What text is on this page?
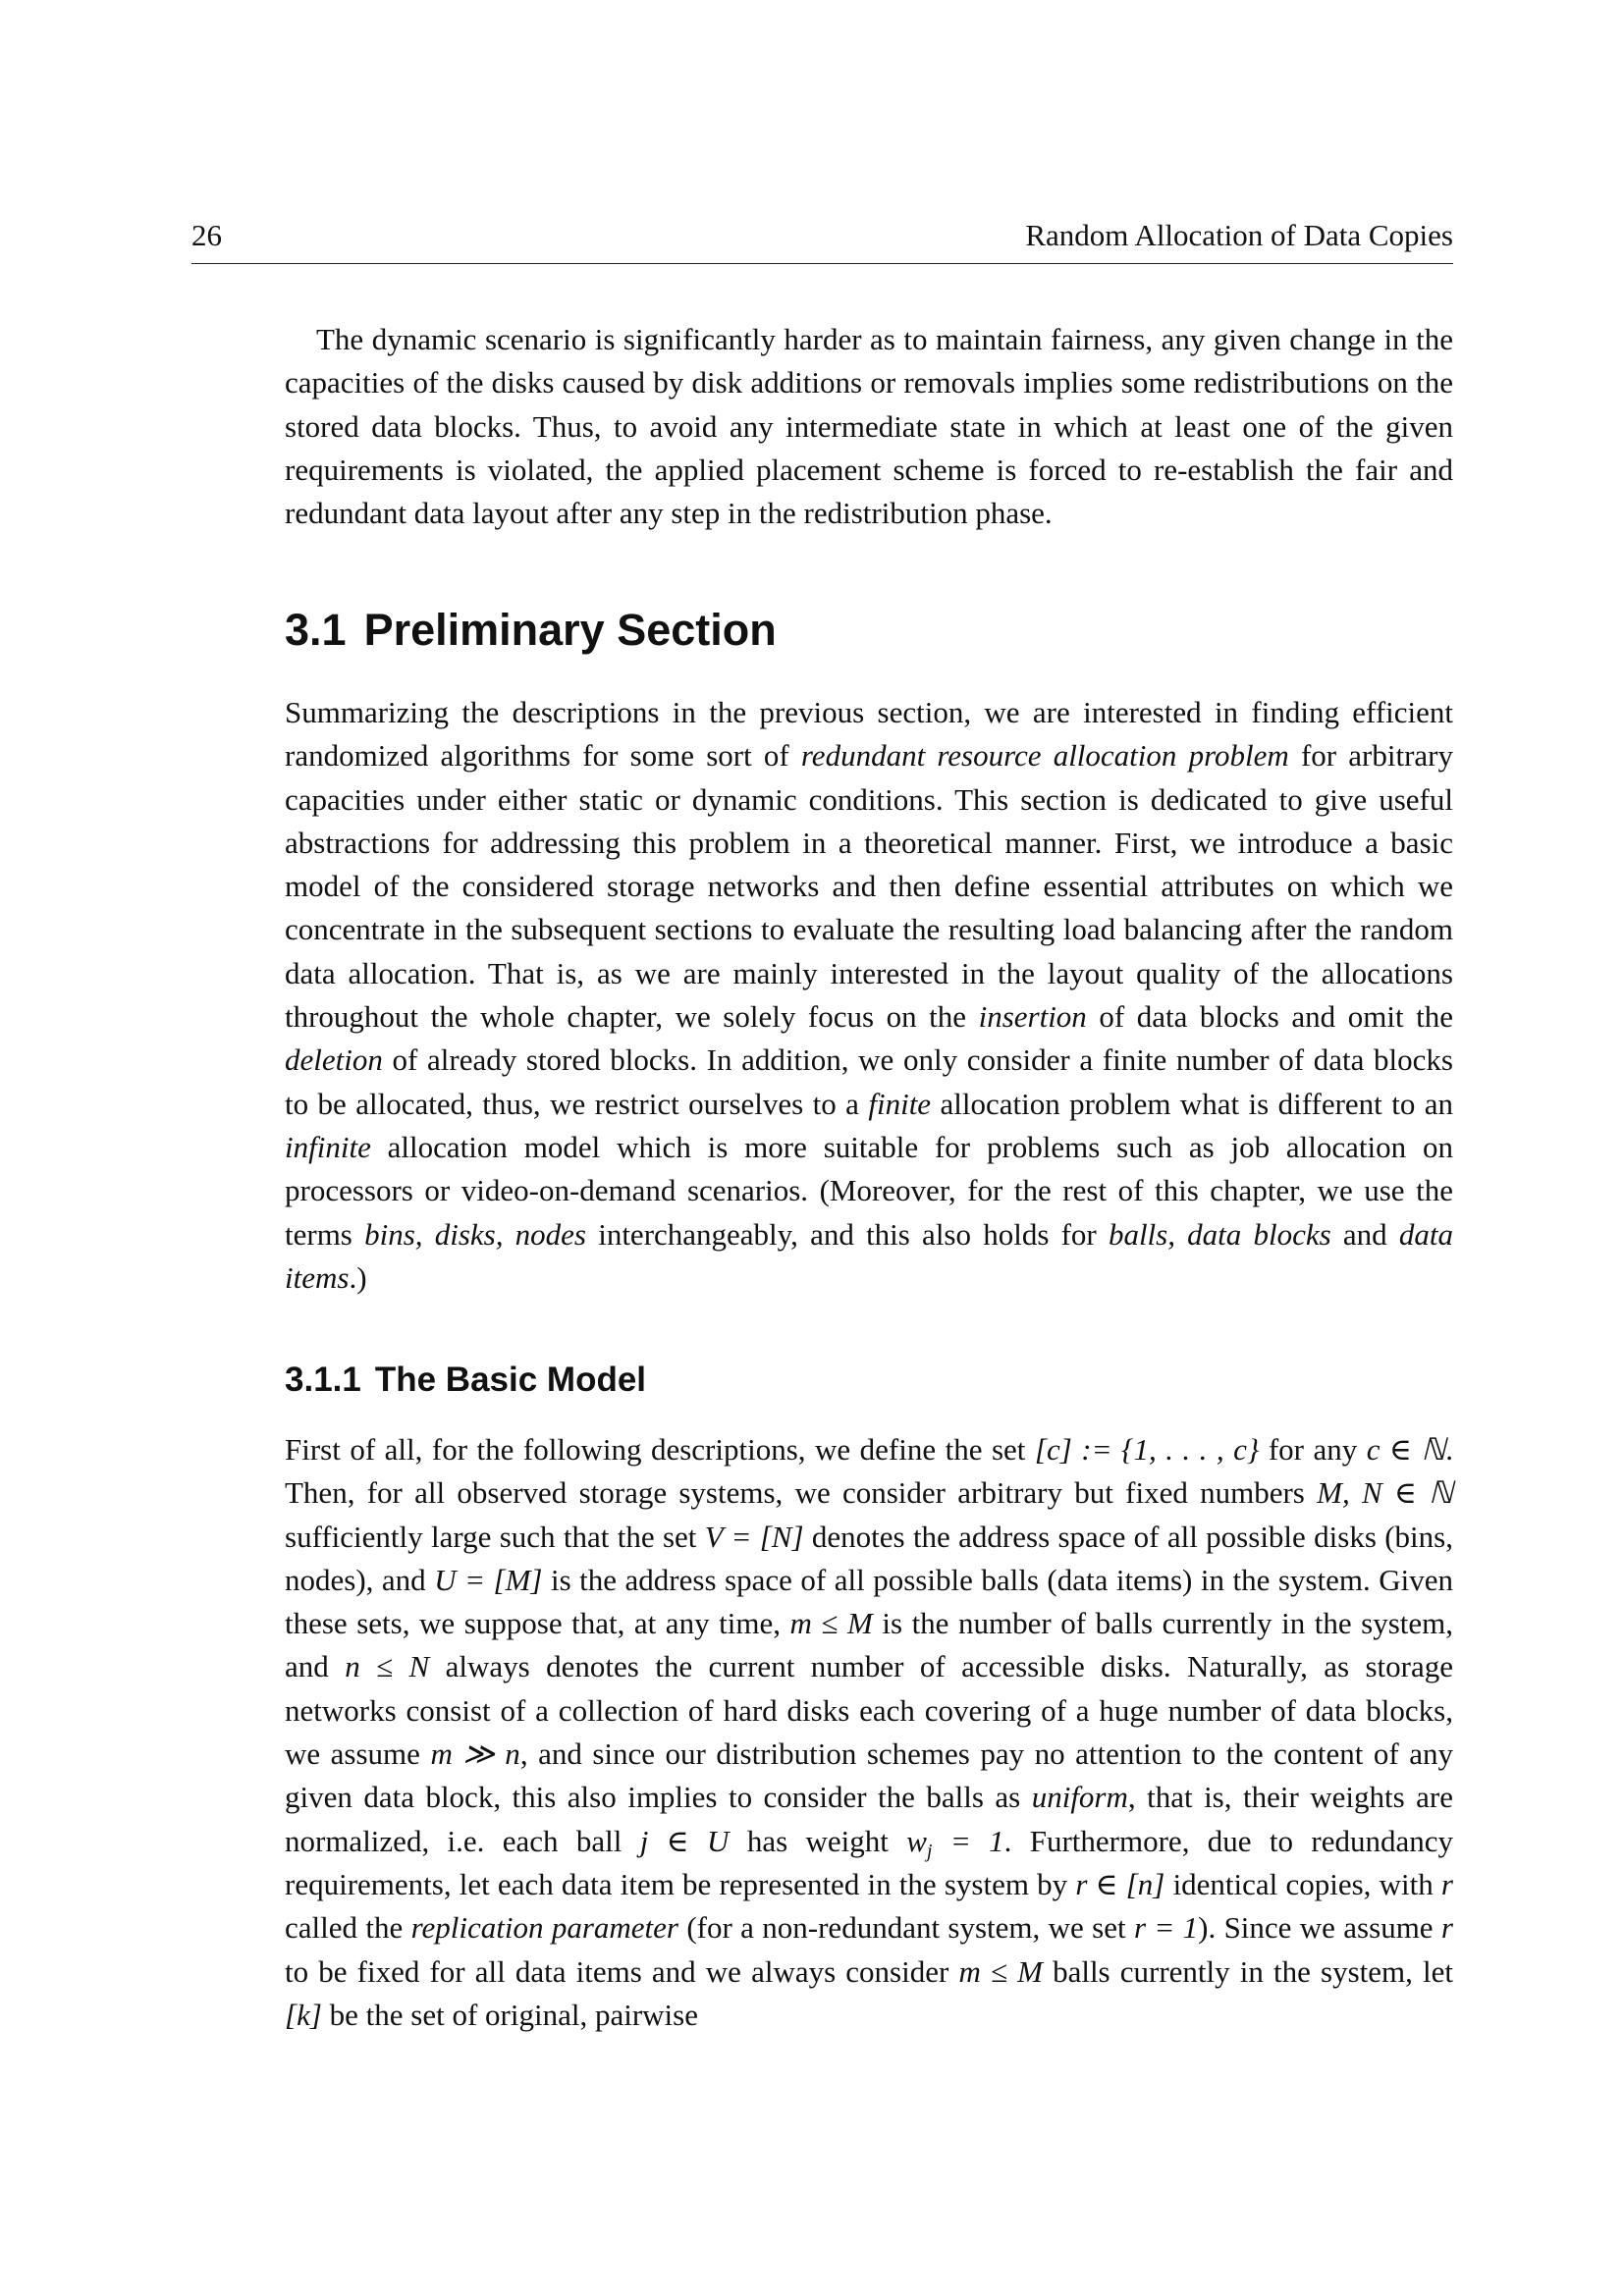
26	Random Allocation of Data Copies

The dynamic scenario is significantly harder as to maintain fairness, any given change in the capacities of the disks caused by disk additions or removals implies some redistributions on the stored data blocks. Thus, to avoid any intermediate state in which at least one of the given requirements is violated, the applied placement scheme is forced to re-establish the fair and redundant data layout after any step in the redistribution phase.

3.1 Preliminary Section

Summarizing the descriptions in the previous section, we are interested in finding efficient randomized algorithms for some sort of redundant resource allocation problem for arbitrary capacities under either static or dynamic conditions. This section is dedicated to give useful abstractions for addressing this problem in a theoretical manner. First, we introduce a basic model of the considered storage networks and then define essential attributes on which we concentrate in the subsequent sections to evaluate the resulting load balancing after the random data allocation. That is, as we are mainly interested in the layout quality of the allocations throughout the whole chapter, we solely focus on the insertion of data blocks and omit the deletion of already stored blocks. In addition, we only consider a finite number of data blocks to be allocated, thus, we restrict ourselves to a finite allocation problem what is different to an infinite allocation model which is more suitable for problems such as job allocation on processors or video-on-demand scenarios. (Moreover, for the rest of this chapter, we use the terms bins, disks, nodes interchangeably, and this also holds for balls, data blocks and data items.)

3.1.1 The Basic Model

First of all, for the following descriptions, we define the set [c] := {1, . . . , c} for any c ∈ ℕ. Then, for all observed storage systems, we consider arbitrary but fixed numbers M, N ∈ ℕ sufficiently large such that the set V = [N] denotes the address space of all possible disks (bins, nodes), and U = [M] is the address space of all possible balls (data items) in the system. Given these sets, we suppose that, at any time, m ≤ M is the number of balls currently in the system, and n ≤ N always denotes the current number of accessible disks. Naturally, as storage networks consist of a collection of hard disks each covering of a huge number of data blocks, we assume m ≫ n, and since our distribution schemes pay no attention to the content of any given data block, this also implies to consider the balls as uniform, that is, their weights are normalized, i.e. each ball j ∈ U has weight $w_j = 1$. Furthermore, due to redundancy requirements, let each data item be represented in the system by r ∈ [n] identical copies, with r called the replication parameter (for a non-redundant system, we set r = 1). Since we assume r to be fixed for all data items and we always consider m ≤ M balls currently in the system, let [k] be the set of original, pairwise
